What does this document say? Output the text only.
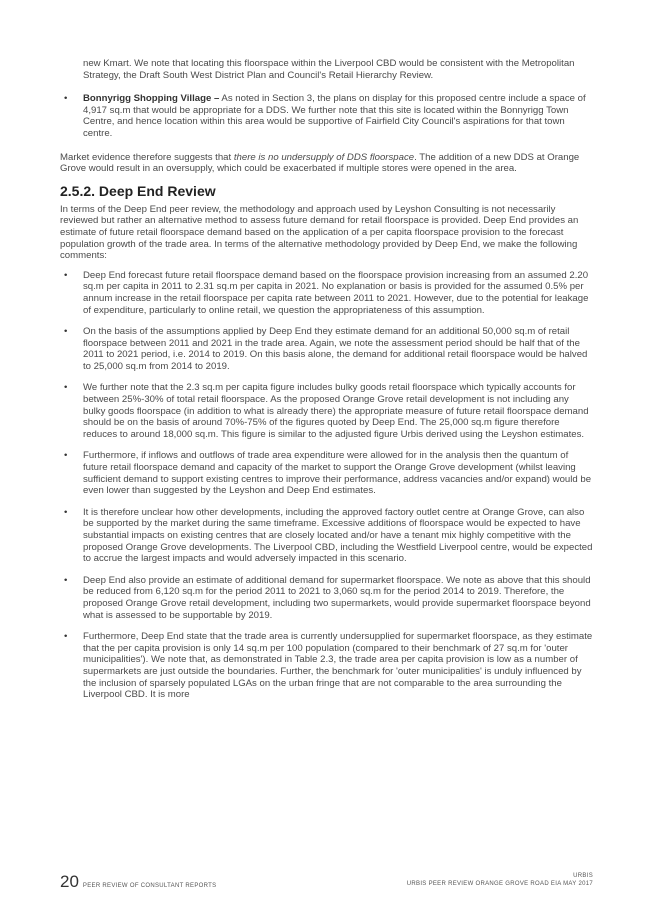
new Kmart. We note that locating this floorspace within the Liverpool CBD would be consistent with the Metropolitan Strategy, the Draft South West District Plan and Council's Retail Hierarchy Review.

• Bonnyrigg Shopping Village – As noted in Section 3, the plans on display for this proposed centre include a space of 4,917 sq.m that would be appropriate for a DDS. We further note that this site is located within the Bonnyrigg Town Centre, and hence location within this area would be supportive of Fairfield City Council's aspirations for that town centre.

Market evidence therefore suggests that there is no undersupply of DDS floorspace. The addition of a new DDS at Orange Grove would result in an oversupply, which could be exacerbated if multiple stores were opened in the area.

2.5.2. Deep End Review

In terms of the Deep End peer review, the methodology and approach used by Leyshon Consulting is not necessarily reviewed but rather an alternative method to assess future demand for retail floorspace is provided. Deep End provides an estimate of future retail floorspace demand based on the application of a per capita floorspace provision to the forecast population growth of the trade area. In terms of the alternative methodology provided by Deep End, we make the following comments:

• Deep End forecast future retail floorspace demand based on the floorspace provision increasing from an assumed 2.20 sq.m per capita in 2011 to 2.31 sq.m per capita in 2021. No explanation or basis is provided for the assumed 0.5% per annum increase in the retail floorspace per capita rate between 2011 to 2021. However, due to the potential for leakage of expenditure, particularly to online retail, we question the appropriateness of this assumption.
• On the basis of the assumptions applied by Deep End they estimate demand for an additional 50,000 sq.m of retail floorspace between 2011 and 2021 in the trade area. Again, we note the assessment period should be half that of the 2011 to 2021 period, i.e. 2014 to 2019. On this basis alone, the demand for additional retail floorspace would be halved to 25,000 sq.m from 2014 to 2019.
• We further note that the 2.3 sq.m per capita figure includes bulky goods retail floorspace which typically accounts for between 25%-30% of total retail floorspace. As the proposed Orange Grove retail development is not including any bulky goods floorspace (in addition to what is already there) the appropriate measure of future retail floorspace demand should be on the basis of around 70%-75% of the figures quoted by Deep End. The 25,000 sq.m figure therefore reduces to around 18,000 sq.m. This figure is similar to the adjusted figure Urbis derived using the Leyshon estimates.
• Furthermore, if inflows and outflows of trade area expenditure were allowed for in the analysis then the quantum of future retail floorspace demand and capacity of the market to support the Orange Grove development (whilst leaving sufficient demand to support existing centres to improve their performance, address vacancies and/or expand) would be even lower than suggested by the Leyshon and Deep End estimates.
• It is therefore unclear how other developments, including the approved factory outlet centre at Orange Grove, can also be supported by the market during the same timeframe. Excessive additions of floorspace would be expected to have substantial impacts on existing centres that are closely located and/or have a tenant mix highly competitive with the proposed Orange Grove developments. The Liverpool CBD, including the Westfield Liverpool centre, would be expected to accrue the largest impacts and would adversely impacted in this scenario.
• Deep End also provide an estimate of additional demand for supermarket floorspace. We note as above that this should be reduced from 6,120 sq.m for the period 2011 to 2021 to 3,060 sq.m for the period 2014 to 2019. Therefore, the proposed Orange Grove retail development, including two supermarkets, would provide supermarket floorspace beyond what is assessed to be supportable by 2019.
• Furthermore, Deep End state that the trade area is currently undersupplied for supermarket floorspace, as they estimate that the per capita provision is only 14 sq.m per 100 population (compared to their benchmark of 27 sq.m for 'outer municipalities'). We note that, as demonstrated in Table 2.3, the trade area per capita provision is low as a number of supermarkets are just outside the boundaries. Further, the benchmark for 'outer municipalities' is unduly influenced by the inclusion of sparsely populated LGAs on the urban fringe that are not comparable to the area surrounding the Liverpool CBD. It is more
20 PEER REVIEW OF CONSULTANT REPORTS
URBIS
URBIS PEER REVIEW ORANGE GROVE ROAD EIA MAY 2017
